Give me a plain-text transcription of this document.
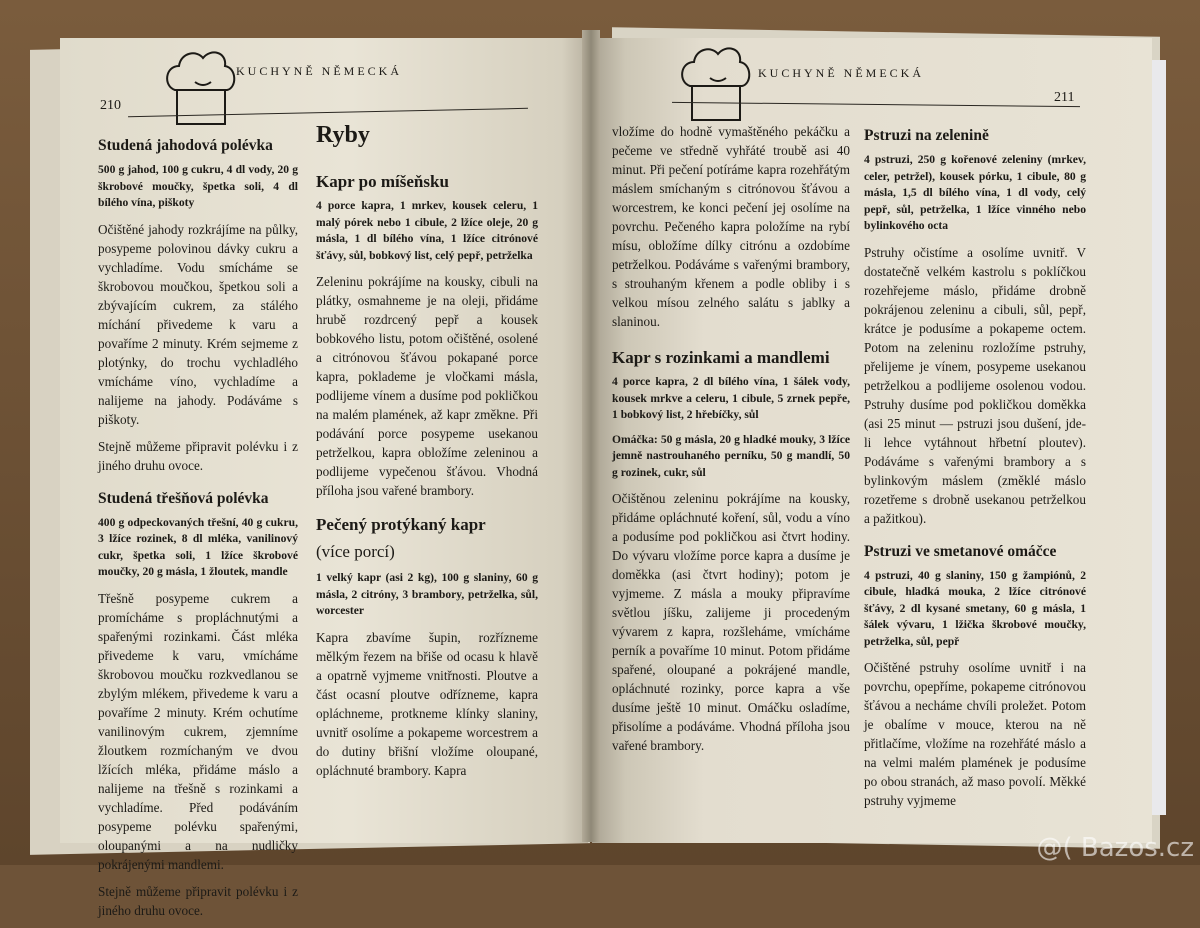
KUCHYNĚ NĚMECKÁ
210
Studená jahodová polévka

500 g jahod, 100 g cukru, 4 dl vody, 20 g škrobové moučky, špetka soli, 4 dl bílého vína, piškoty

Očištěné jahody rozkrájíme na půlky, posypeme polovinou dávky cukru a vychladíme. Vodu smícháme se škrobovou moučkou, špetkou soli a zbývajícím cukrem, za stálého míchání přivedeme k varu a povaříme 2 minuty. Krém sejmeme z plotýnky, do trochu vychladlého vmícháme víno, vychladíme a nalijeme na jahody. Podáváme s piškoty.

Stejně můžeme připravit polévku i z jiného druhu ovoce.

Studená třešňová polévka

400 g odpeckovaných třešní, 40 g cukru, 3 lžíce rozinek, 8 dl mléka, vanilinový cukr, špetka soli, 1 lžíce škrobové moučky, 20 g másla, 1 žloutek, mandle

Třešně posypeme cukrem a promícháme s propláchnutými a spařenými rozinkami. Část mléka přivedeme k varu, vmícháme škrobovou moučku rozkvedlanou se zbylým mlékem, přivedeme k varu a povaříme 2 minuty. Krém ochutíme vanilinovým cukrem, zjemníme žloutkem rozmíchaným ve dvou lžících mléka, přidáme máslo a nalijeme na třešně s rozinkami a vychladíme. Před podáváním posypeme polévku spařenými, oloupanými a na nudličky pokrájenými mandlemi.

Stejně můžeme připravit polévku i z jiného druhu ovoce.

Ryby
Kapr po míšeňsku

4 porce kapra, 1 mrkev, kousek celeru, 1 malý pórek nebo 1 cibule, 2 lžíce oleje, 20 g másla, 1 dl bílého vína, 1 lžíce citrónové šťávy, sůl, bobkový list, celý pepř, petrželka

Zeleninu pokrájíme na kousky, cibuli na plátky, osmahneme je na oleji, přidáme hrubě rozdrcený pepř a kousek bobkového listu, potom očištěné, osolené a citrónovou šťávou pokapané porce kapra, poklademe je vločkami másla, podlijeme vínem a dusíme pod pokličkou na malém plamének, až kapr změkne. Při podávání porce posypeme usekanou petrželkou, kapra obložíme zeleninou a podlijeme vypečenou šťávou. Vhodná příloha jsou vařené brambory.

Pečený protýkaný kapr
(více porcí)

1 velký kapr (asi 2 kg), 100 g slaniny, 60 g másla, 2 citróny, 3 brambory, petrželka, sůl, worcester

Kapra zbavíme šupin, rozřízneme mělkým řezem na břiše od ocasu k hlavě a opatrně vyjmeme vnitřnosti. Ploutve a část ocasní ploutve odřízneme, kapra opláchneme, protkneme klínky slaniny, uvnitř osolíme a pokapeme worcestrem a do dutiny břišní vložíme oloupané, opláchnuté brambory. Kapra

KUCHYNĚ NĚMECKÁ
211

vložíme do hodně vymaštěného pekáčku a pečeme ve středně vyhřáté troubě asi 40 minut. Při pečení potíráme kapra rozehřátým máslem smíchaným s citrónovou šťávou a worcestrem, ke konci pečení jej osolíme na povrchu. Pečeného kapra položíme na rybí mísu, obložíme dílky citrónu a ozdobíme petrželkou. Podáváme s vařenými brambory, s strouhaným křenem a podle obliby i s velkou mísou zelného salátu s jablky a slaninou.

Kapr s rozinkami a mandlemi

4 porce kapra, 2 dl bílého vína, 1 šálek vody, kousek mrkve a celeru, 1 cibule, 5 zrnek pepře, 1 bobkový list, 2 hřebíčky, sůl

Omáčka: 50 g másla, 20 g hladké mouky, 3 lžíce jemně nastrouhaného perníku, 50 g mandlí, 50 g rozinek, cukr, sůl

Očištěnou zeleninu pokrájíme na kousky, přidáme opláchnuté koření, sůl, vodu a víno a podusíme pod pokličkou asi čtvrt hodiny. Do vývaru vložíme porce kapra a dusíme je doměkka (asi čtvrt hodiny); potom je vyjmeme. Z másla a mouky připravíme světlou jíšku, zalijeme ji procedeným vývarem z kapra, rozšleháme, vmícháme perník a povaříme 10 minut. Potom přidáme spařené, oloupané a pokrájené mandle, opláchnuté rozinky, porce kapra a vše dusíme ještě 10 minut. Omáčku osladíme, přisolíme a podáváme. Vhodná příloha jsou vařené brambory.

Pstruzi na zelenině

4 pstruzi, 250 g kořenové zeleniny (mrkev, celer, petržel), kousek pórku, 1 cibule, 80 g másla, 1,5 dl bílého vína, 1 dl vody, celý pepř, sůl, petrželka, 1 lžíce vinného nebo bylinkového octa

Pstruhy očistíme a osolíme uvnitř. V dostatečně velkém kastrolu s poklíčkou rozehřejeme máslo, přidáme drobně pokrájenou zeleninu a cibuli, sůl, pepř, krátce je podusíme a pokapeme octem. Potom na zeleninu rozložíme pstruhy, přelijeme je vínem, posypeme usekanou petrželkou a podlijeme osolenou vodou. Pstruhy dusíme pod pokličkou doměkka (asi 25 minut — pstruzi jsou dušení, jde-li lehce vytáhnout hřbetní ploutev). Podáváme s vařenými brambory a s bylinkovým máslem (změklé máslo rozetřeme s drobně usekanou petrželkou a pažitkou).

Pstruzi ve smetanové omáčce

4 pstruzi, 40 g slaniny, 150 g žampiónů, 2 cibule, hladká mouka, 2 lžíce citrónové šťávy, 2 dl kysané smetany, 60 g másla, 1 šálek vývaru, 1 lžička škrobové moučky, petrželka, sůl, pepř

Očištěné pstruhy osolíme uvnitř i na povrchu, opepříme, pokapeme citrónovou šťávou a necháme chvíli proležet. Potom je obalíme v mouce, kterou na ně přitlačíme, vložíme na rozehřáté máslo a na velmi malém plamének je podusíme po obou stranách, až maso povolí. Měkké pstruhy vyjmeme

@( Bazos.cz
